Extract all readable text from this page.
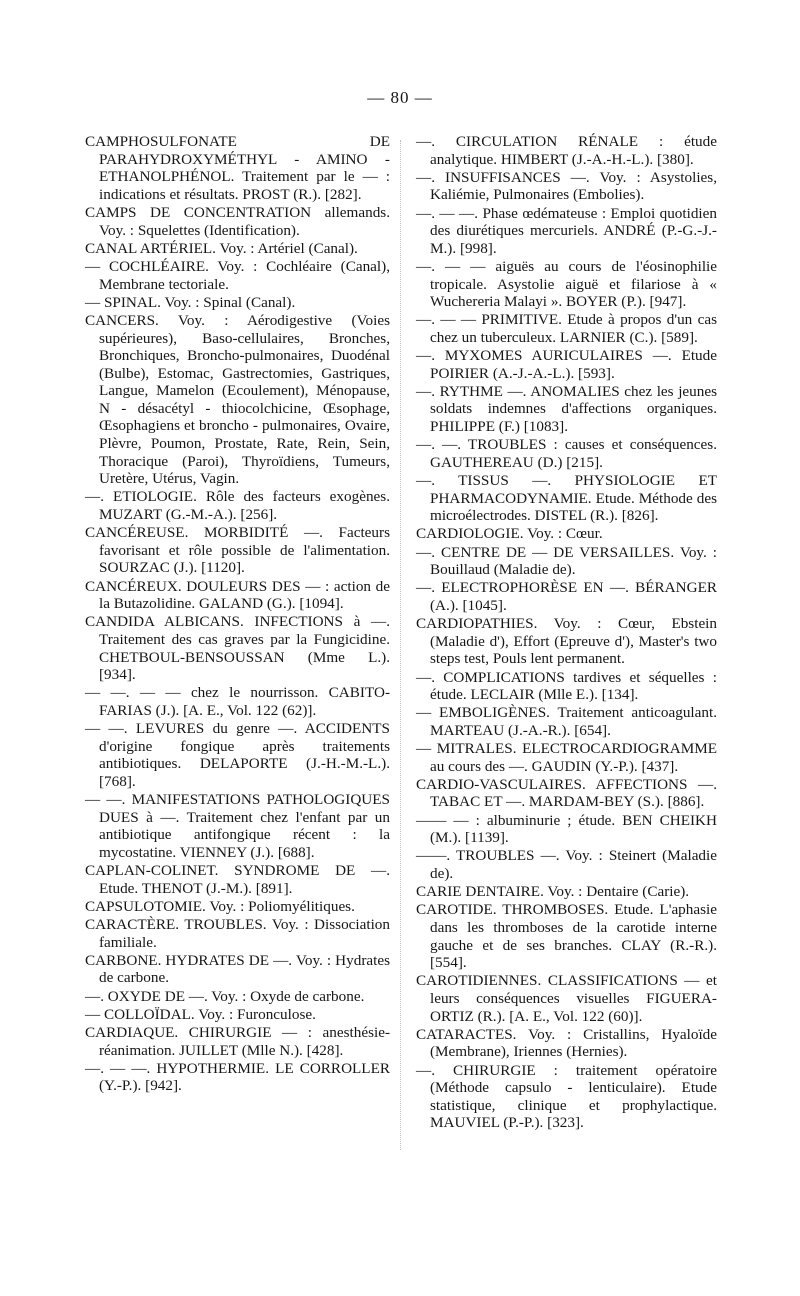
— 80 —

CAMPHOSULFONATE DE PARAHYDROXYMÉTHYL - AMINO - ETHANOLPHÉNOL. Traitement par le — : indications et résultats. PROST (R.). [282].

CAMPS DE CONCENTRATION allemands. Voy. : Squelettes (Identification).

CANAL ARTÉRIEL. Voy. : Artériel (Canal).

— COCHLÉAIRE. Voy. : Cochléaire (Canal), Membrane tectoriale.

— SPINAL. Voy. : Spinal (Canal).

CANCERS. Voy. : Aérodigestive (Voies supérieures), Baso-cellulaires, Bronches, Bronchiques, Broncho-pulmonaires, Duodénal (Bulbe), Estomac, Gastrectomies, Gastriques, Langue, Mamelon (Ecoulement), Ménopause, N - désacétyl - thiocolchicine, Œsophage, Œsophagiens et broncho - pulmonaires, Ovaire, Plèvre, Poumon, Prostate, Rate, Rein, Sein, Thoracique (Paroi), Thyroïdiens, Tumeurs, Uretère, Utérus, Vagin.

—. ETIOLOGIE. Rôle des facteurs exogènes. MUZART (G.-M.-A.). [256].

CANCÉREUSE. MORBIDITÉ —. Facteurs favorisant et rôle possible de l'alimentation. SOURZAC (J.). [1120].

CANCÉREUX. DOULEURS DES — : action de la Butazolidine. GALAND (G.). [1094].

CANDIDA ALBICANS. INFECTIONS à —. Traitement des cas graves par la Fungicidine. CHETBOUL-BENSOUSSAN (Mme L.). [934].

— —. — — chez le nourrisson. CABITO-FARIAS (J.). [A. E., Vol. 122 (62)].

— —. LEVURES du genre —. ACCIDENTS d'origine fongique après traitements antibiotiques. DELAPORTE (J.-H.-M.-L.). [768].

— —. MANIFESTATIONS PATHOLOGIQUES DUES à —. Traitement chez l'enfant par un antibiotique antifongique récent : la mycostatine. VIENNEY (J.). [688].

CAPLAN-COLINET. SYNDROME DE —. Etude. THENOT (J.-M.). [891].

CAPSULOTOMIE. Voy. : Poliomyélitiques.

CARACTÈRE. TROUBLES. Voy. : Dissociation familiale.

CARBONE. HYDRATES DE —. Voy. : Hydrates de carbone.

—. OXYDE DE —. Voy. : Oxyde de carbone.

— COLLOÏDAL. Voy. : Furonculose.

CARDIAQUE. CHIRURGIE — : anesthésie-réanimation. JUILLET (Mlle N.). [428].

—. — —. HYPOTHERMIE. LE CORROLLER (Y.-P.). [942].

—. CIRCULATION RÉNALE : étude analytique. HIMBERT (J.-A.-H.-L.). [380].

—. INSUFFISANCES —. Voy. : Asystolies, Kaliémie, Pulmonaires (Embolies).

—. — —. Phase œdémateuse : Emploi quotidien des diurétiques mercuriels. ANDRÉ (P.-G.-J.-M.). [998].

—. — — aiguës au cours de l'éosinophilie tropicale. Asystolie aiguë et filariose à « Wuchereria Malayi ». BOYER (P.). [947].

—. — — PRIMITIVE. Etude à propos d'un cas chez un tuberculeux. LARNIER (C.). [589].

—. MYXOMES AURICULAIRES —. Etude POIRIER (A.-J.-A.-L.). [593].

—. RYTHME —. ANOMALIES chez les jeunes soldats indemnes d'affections organiques. PHILIPPE (F.) [1083].

—. —. TROUBLES : causes et conséquences. GAUTHEREAU (D.) [215].

—. TISSUS —. PHYSIOLOGIE ET PHARMACODYNAMIE. Etude. Méthode des microélectrodes. DISTEL (R.). [826].

CARDIOLOGIE. Voy. : Cœur.

—. CENTRE DE — DE VERSAILLES. Voy. : Bouillaud (Maladie de).

—. ELECTROPHORÈSE EN —. BÉRANGER (A.). [1045].

CARDIOPATHIES. Voy. : Cœur, Ebstein (Maladie d'), Effort (Epreuve d'), Master's two steps test, Pouls lent permanent.

—. COMPLICATIONS tardives et séquelles : étude. LECLAIR (Mlle E.). [134].

— EMBOLIGÈNES. Traitement anticoagulant. MARTEAU (J.-A.-R.). [654].

— MITRALES. ELECTROCARDIOGRAMME au cours des —. GAUDIN (Y.-P.). [437].

CARDIO-VASCULAIRES. AFFECTIONS —. TABAC ET —. MARDAM-BEY (S.). [886].

—— — : albuminurie ; étude. BEN CHEIKH (M.). [1139].

——. TROUBLES —. Voy. : Steinert (Maladie de).

CARIE DENTAIRE. Voy. : Dentaire (Carie).

CAROTIDE. THROMBOSES. Etude. L'aphasie dans les thromboses de la carotide interne gauche et de ses branches. CLAY (R.-R.). [554].

CAROTIDIENNES. CLASSIFICATIONS — et leurs conséquences visuelles FIGUERA-ORTIZ (R.). [A. E., Vol. 122 (60)].

CATARACTES. Voy. : Cristallins, Hyaloïde (Membrane), Iriennes (Hernies).

—. CHIRURGIE : traitement opératoire (Méthode capsulo - lenticulaire). Etude statistique, clinique et prophylactique. MAUVIEL (P.-P.). [323].
